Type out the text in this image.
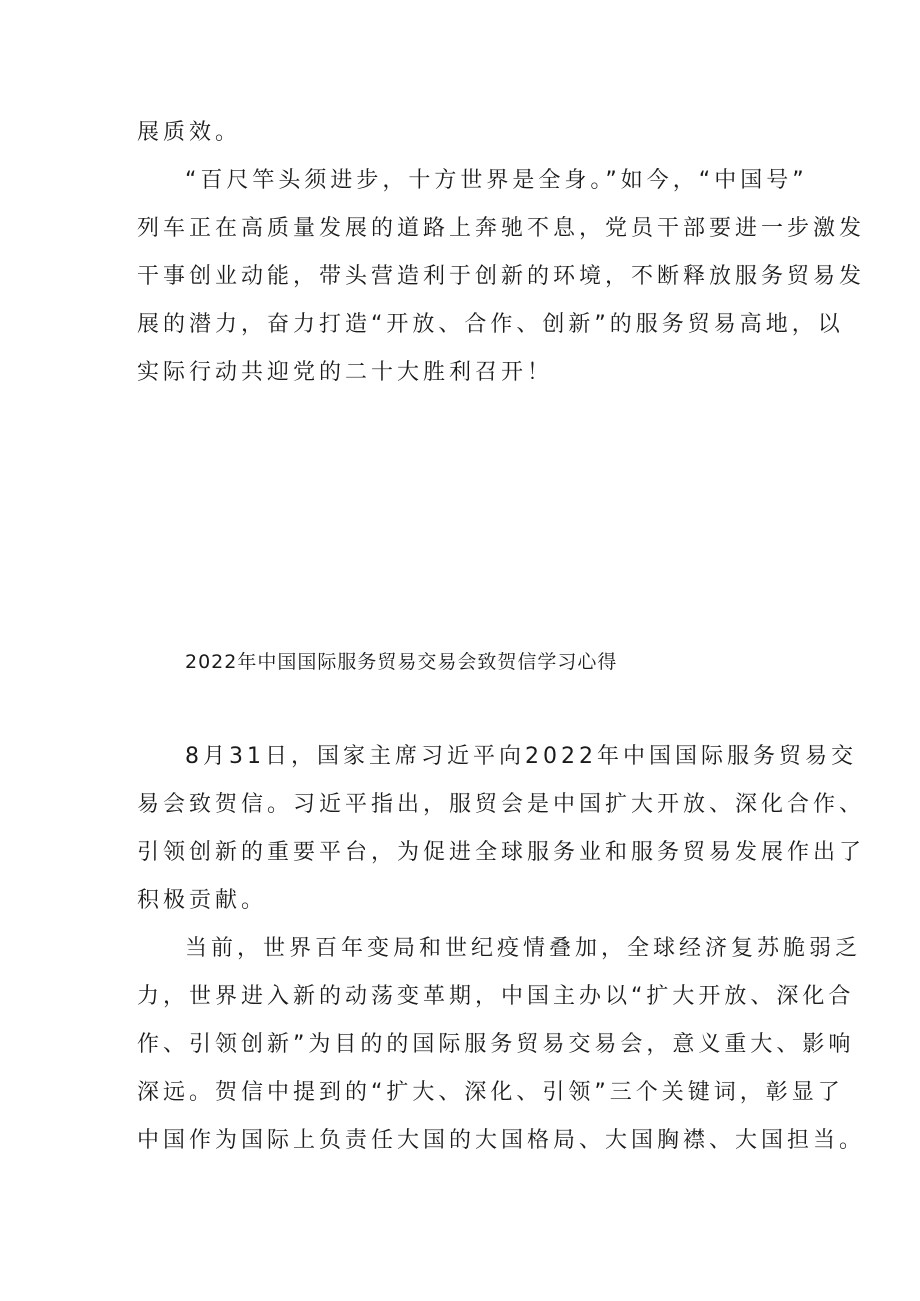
展质效。
“百尺竿头须进步，十方世界是全身。”如今，“中国号”
列车正在高质量发展的道路上奔驰不息，党员干部要进一步激发
干事创业动能，带头营造利于创新的环境，不断释放服务贸易发
展的潜力，奋力打造“开放、合作、创新”的服务贸易高地，以
实际行动共迎党的二十大胜利召开！
2022年中国国际服务贸易交易会致贺信学习心得
8月31日，国家主席习近平向2022年中国国际服务贸易交
易会致贺信。习近平指出，服贸会是中国扩大开放、深化合作、
引领创新的重要平台，为促进全球服务业和服务贸易发展作出了
积极贡献。
当前，世界百年变局和世纪疫情叠加，全球经济复苏脆弱乏
力，世界进入新的动荡变革期，中国主办以“扩大开放、深化合
作、引领创新”为目的的国际服务贸易交易会，意义重大、影响
深远。贺信中提到的“扩大、深化、引领”三个关键词，彰显了
中国作为国际上负责任大国的大国格局、大国胸襟、大国担当。
